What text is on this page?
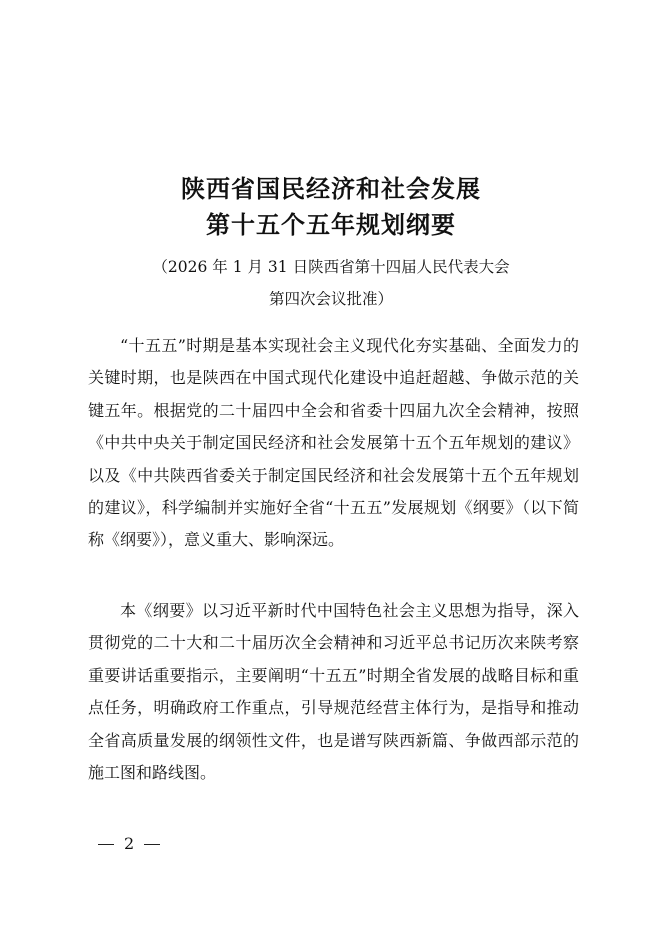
陕西省国民经济和社会发展
第十五个五年规划纲要

（2026 年 1 月 31 日陕西省第十四届人民代表大会

第四次会议批准）

“十五五”时期是基本实现社会主义现代化夯实基础、全面发力的关键时期，也是陕西在中国式现代化建设中追赶超越、争做示范的关键五年。根据党的二十届四中全会和省委十四届九次全会精神，按照《中共中央关于制定国民经济和社会发展第十五个五年规划的建议》以及《中共陕西省委关于制定国民经济和社会发展第十五个五年规划的建议》，科学编制并实施好全省“十五五”发展规划《纲要》（以下简称《纲要》），意义重大、影响深远。

本《纲要》以习近平新时代中国特色社会主义思想为指导，深入贯彻党的二十大和二十届历次全会精神和习近平总书记历次来陕考察重要讲话重要指示，主要阐明“十五五”时期全省发展的战略目标和重点任务，明确政府工作重点，引导规范经营主体行为，是指导和推动全省高质量发展的纲领性文件，也是谱写陕西新篇、争做西部示范的施工图和路线图。

2
